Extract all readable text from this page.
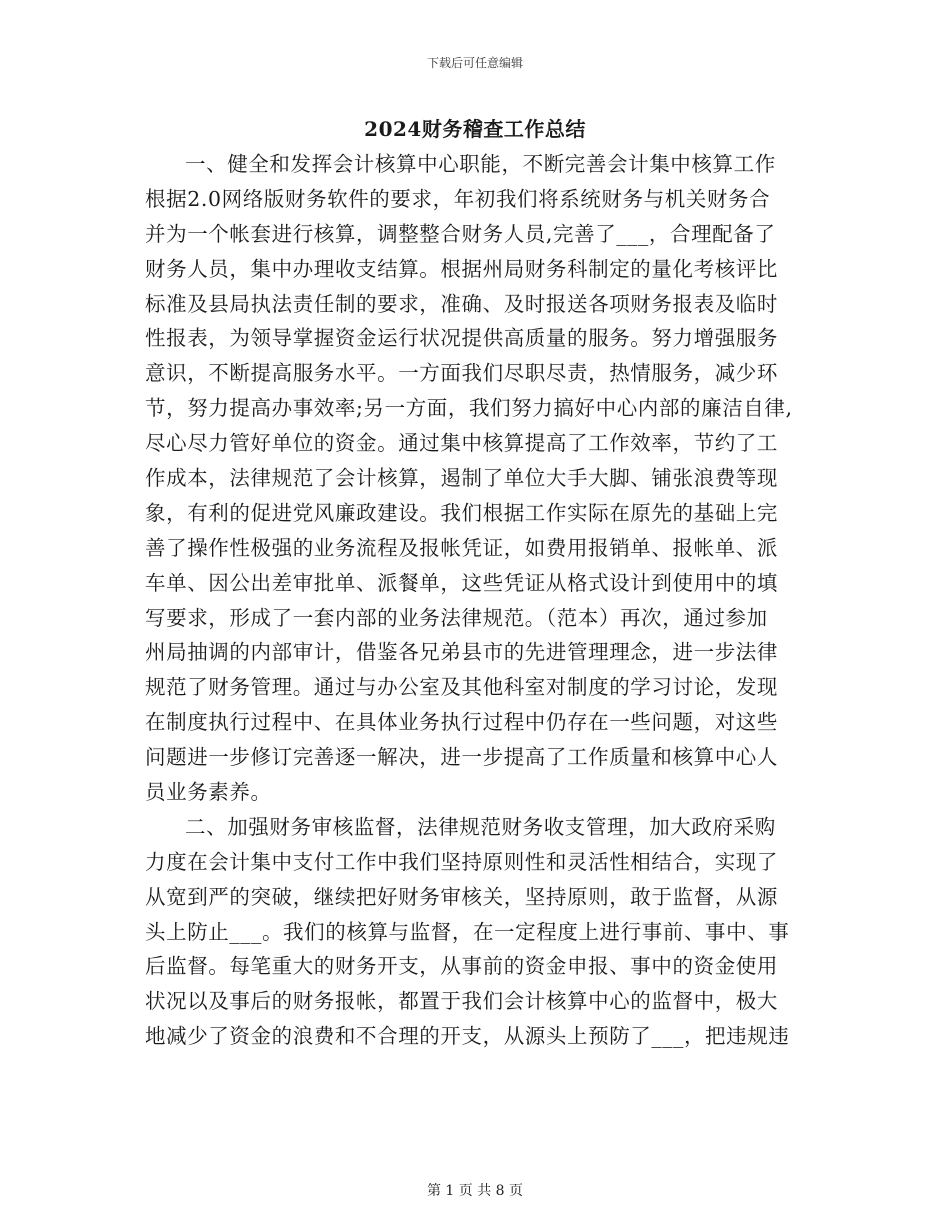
下载后可任意编辑
2024财务稽查工作总结
一、健全和发挥会计核算中心职能，不断完善会计集中核算工作
根据2.0网络版财务软件的要求，年初我们将系统财务与机关财务合
并为一个帐套进行核算，调整整合财务人员,完善了___，合理配备了
财务人员，集中办理收支结算。根据州局财务科制定的量化考核评比
标准及县局执法责任制的要求，准确、及时报送各项财务报表及临时
性报表，为领导掌握资金运行状况提供高质量的服务。努力增强服务
意识，不断提高服务水平。一方面我们尽职尽责，热情服务，减少环
节，努力提高办事效率;另一方面，我们努力搞好中心内部的廉洁自律,
尽心尽力管好单位的资金。通过集中核算提高了工作效率，节约了工
作成本，法律规范了会计核算，遏制了单位大手大脚、铺张浪费等现
象，有利的促进党风廉政建设。我们根据工作实际在原先的基础上完
善了操作性极强的业务流程及报帐凭证，如费用报销单、报帐单、派
车单、因公出差审批单、派餐单，这些凭证从格式设计到使用中的填
写要求，形成了一套内部的业务法律规范。（范本）再次，通过参加
州局抽调的内部审计，借鉴各兄弟县市的先进管理理念，进一步法律
规范了财务管理。通过与办公室及其他科室对制度的学习讨论，发现
在制度执行过程中、在具体业务执行过程中仍存在一些问题，对这些
问题进一步修订完善逐一解决，进一步提高了工作质量和核算中心人
员业务素养。
二、加强财务审核监督，法律规范财务收支管理，加大政府采购
力度在会计集中支付工作中我们坚持原则性和灵活性相结合，实现了
从宽到严的突破，继续把好财务审核关，坚持原则，敢于监督，从源
头上防止___。我们的核算与监督，在一定程度上进行事前、事中、事
后监督。每笔重大的财务开支，从事前的资金申报、事中的资金使用
状况以及事后的财务报帐，都置于我们会计核算中心的监督中，极大
地减少了资金的浪费和不合理的开支，从源头上预防了___，把违规违
第 1 页 共 8 页
